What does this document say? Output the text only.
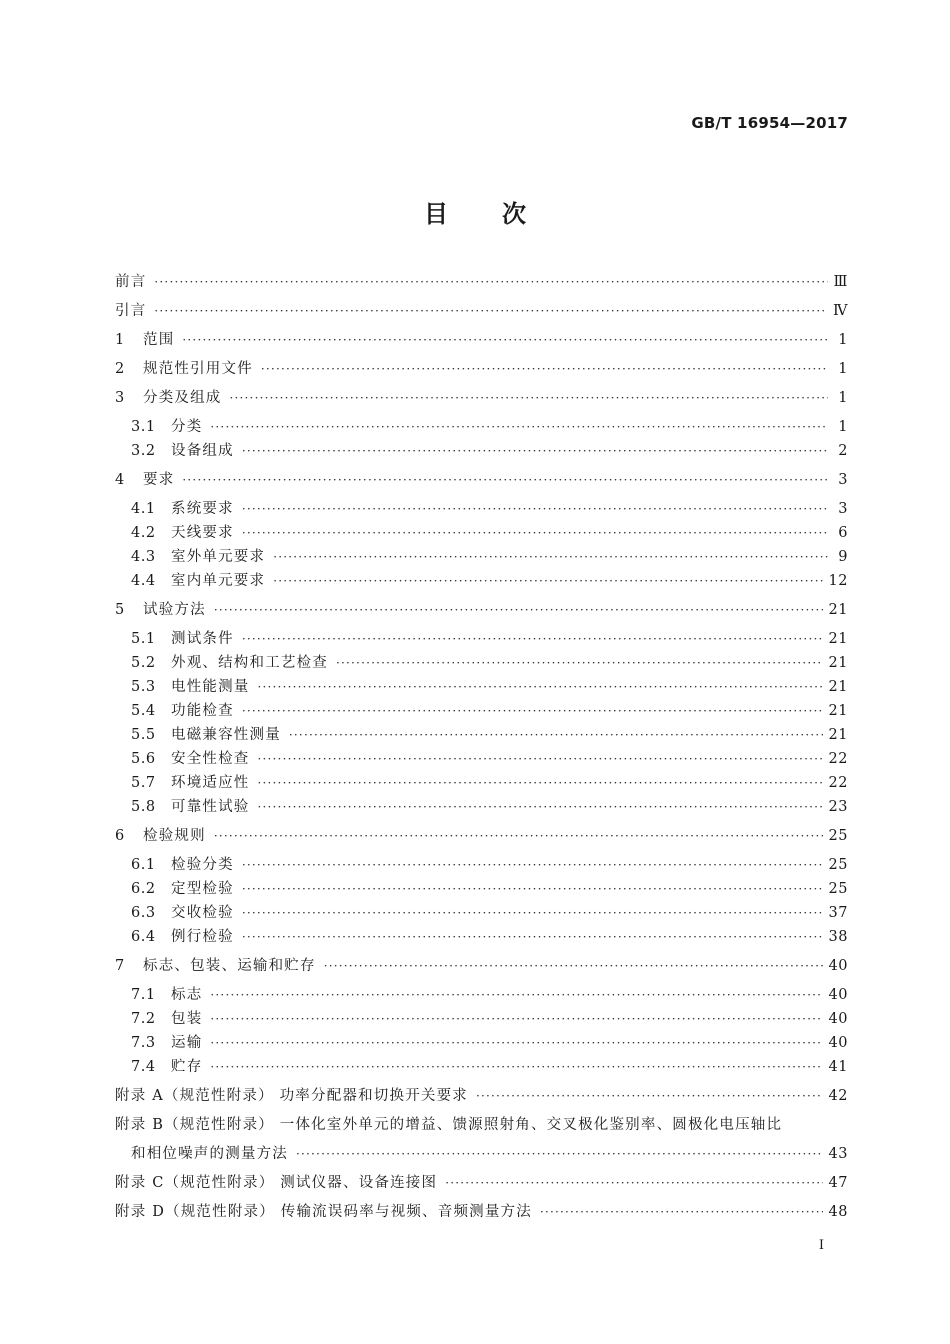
GB/T 16954—2017
目次
前言 ·····	Ⅲ
引言 ·····	Ⅳ
1	范围 ·····	1
2	规范性引用文件 ·····	1
3	分类及组成 ·····	1
3.1	分类 ·····	1
3.2	设备组成 ·····	2
4	要求 ·····	3
4.1	系统要求 ·····	3
4.2	天线要求 ·····	6
4.3	室外单元要求 ·····	9
4.4	室内单元要求 ·····	12
5	试验方法 ·····	21
5.1	测试条件 ·····	21
5.2	外观、结构和工艺检查 ·····	21
5.3	电性能测量 ·····	21
5.4	功能检查 ·····	21
5.5	电磁兼容性测量 ·····	21
5.6	安全性检查 ·····	22
5.7	环境适应性 ·····	22
5.8	可靠性试验 ·····	23
6	检验规则 ·····	25
6.1	检验分类 ·····	25
6.2	定型检验 ·····	25
6.3	交收检验 ·····	37
6.4	例行检验 ·····	38
7	标志、包装、运输和贮存 ·····	40
7.1	标志 ·····	40
7.2	包装 ·····	40
7.3	运输 ·····	40
7.4	贮存 ·····	41
附录 A（规范性附录） 功率分配器和切换开关要求 ·····	42
附录 B（规范性附录） 一体化室外单元的增益、馈源照射角、交叉极化鉴别率、圆极化电压轴比
和相位噪声的测量方法 ·····	43
附录 C（规范性附录） 测试仪器、设备连接图 ·····	47
附录 D（规范性附录） 传输流误码率与视频、音频测量方法 ·····	48
I
